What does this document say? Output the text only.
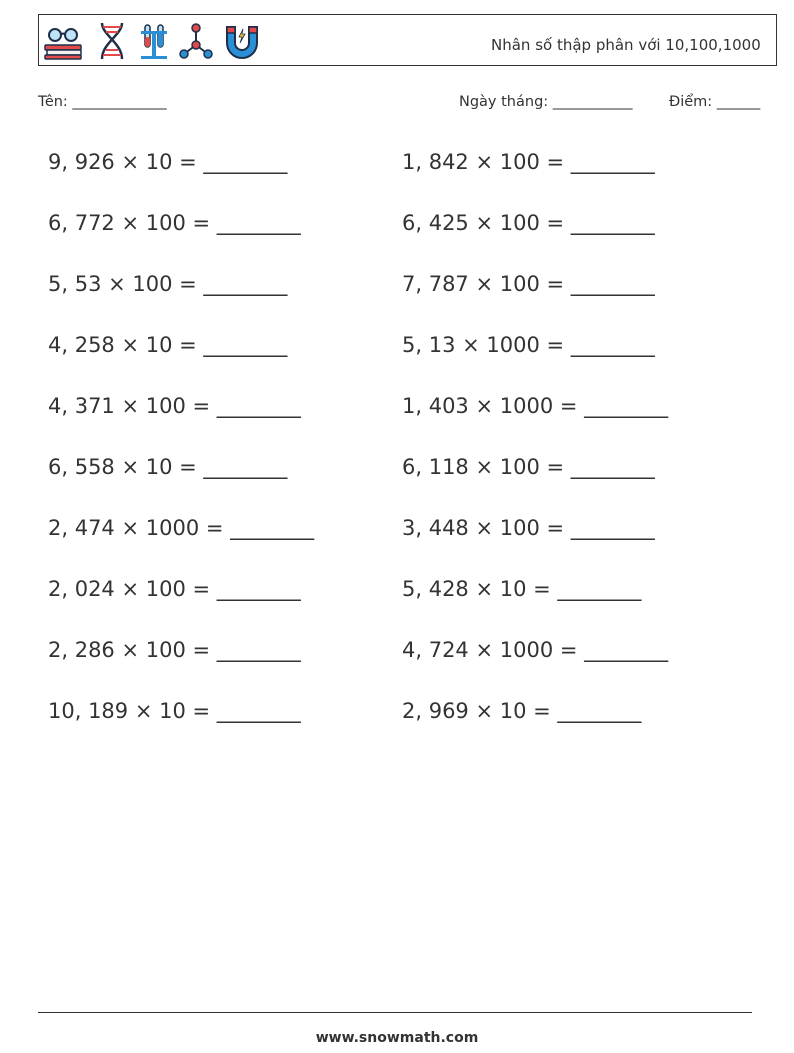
Nhân số thập phân với 10,100,1000
Tên: _____________	Ngày tháng: ___________	Điểm: ______
9, 926 × 10 = ________
6, 772 × 100 = ________
5, 53 × 100 = ________
4, 258 × 10 = ________
4, 371 × 100 = ________
6, 558 × 10 = ________
2, 474 × 1000 = ________
2, 024 × 100 = ________
2, 286 × 100 = ________
10, 189 × 10 = ________
1, 842 × 100 = ________
6, 425 × 100 = ________
7, 787 × 100 = ________
5, 13 × 1000 = ________
1, 403 × 1000 = ________
6, 118 × 100 = ________
3, 448 × 100 = ________
5, 428 × 10 = ________
4, 724 × 1000 = ________
2, 969 × 10 = ________
www.snowmath.com
